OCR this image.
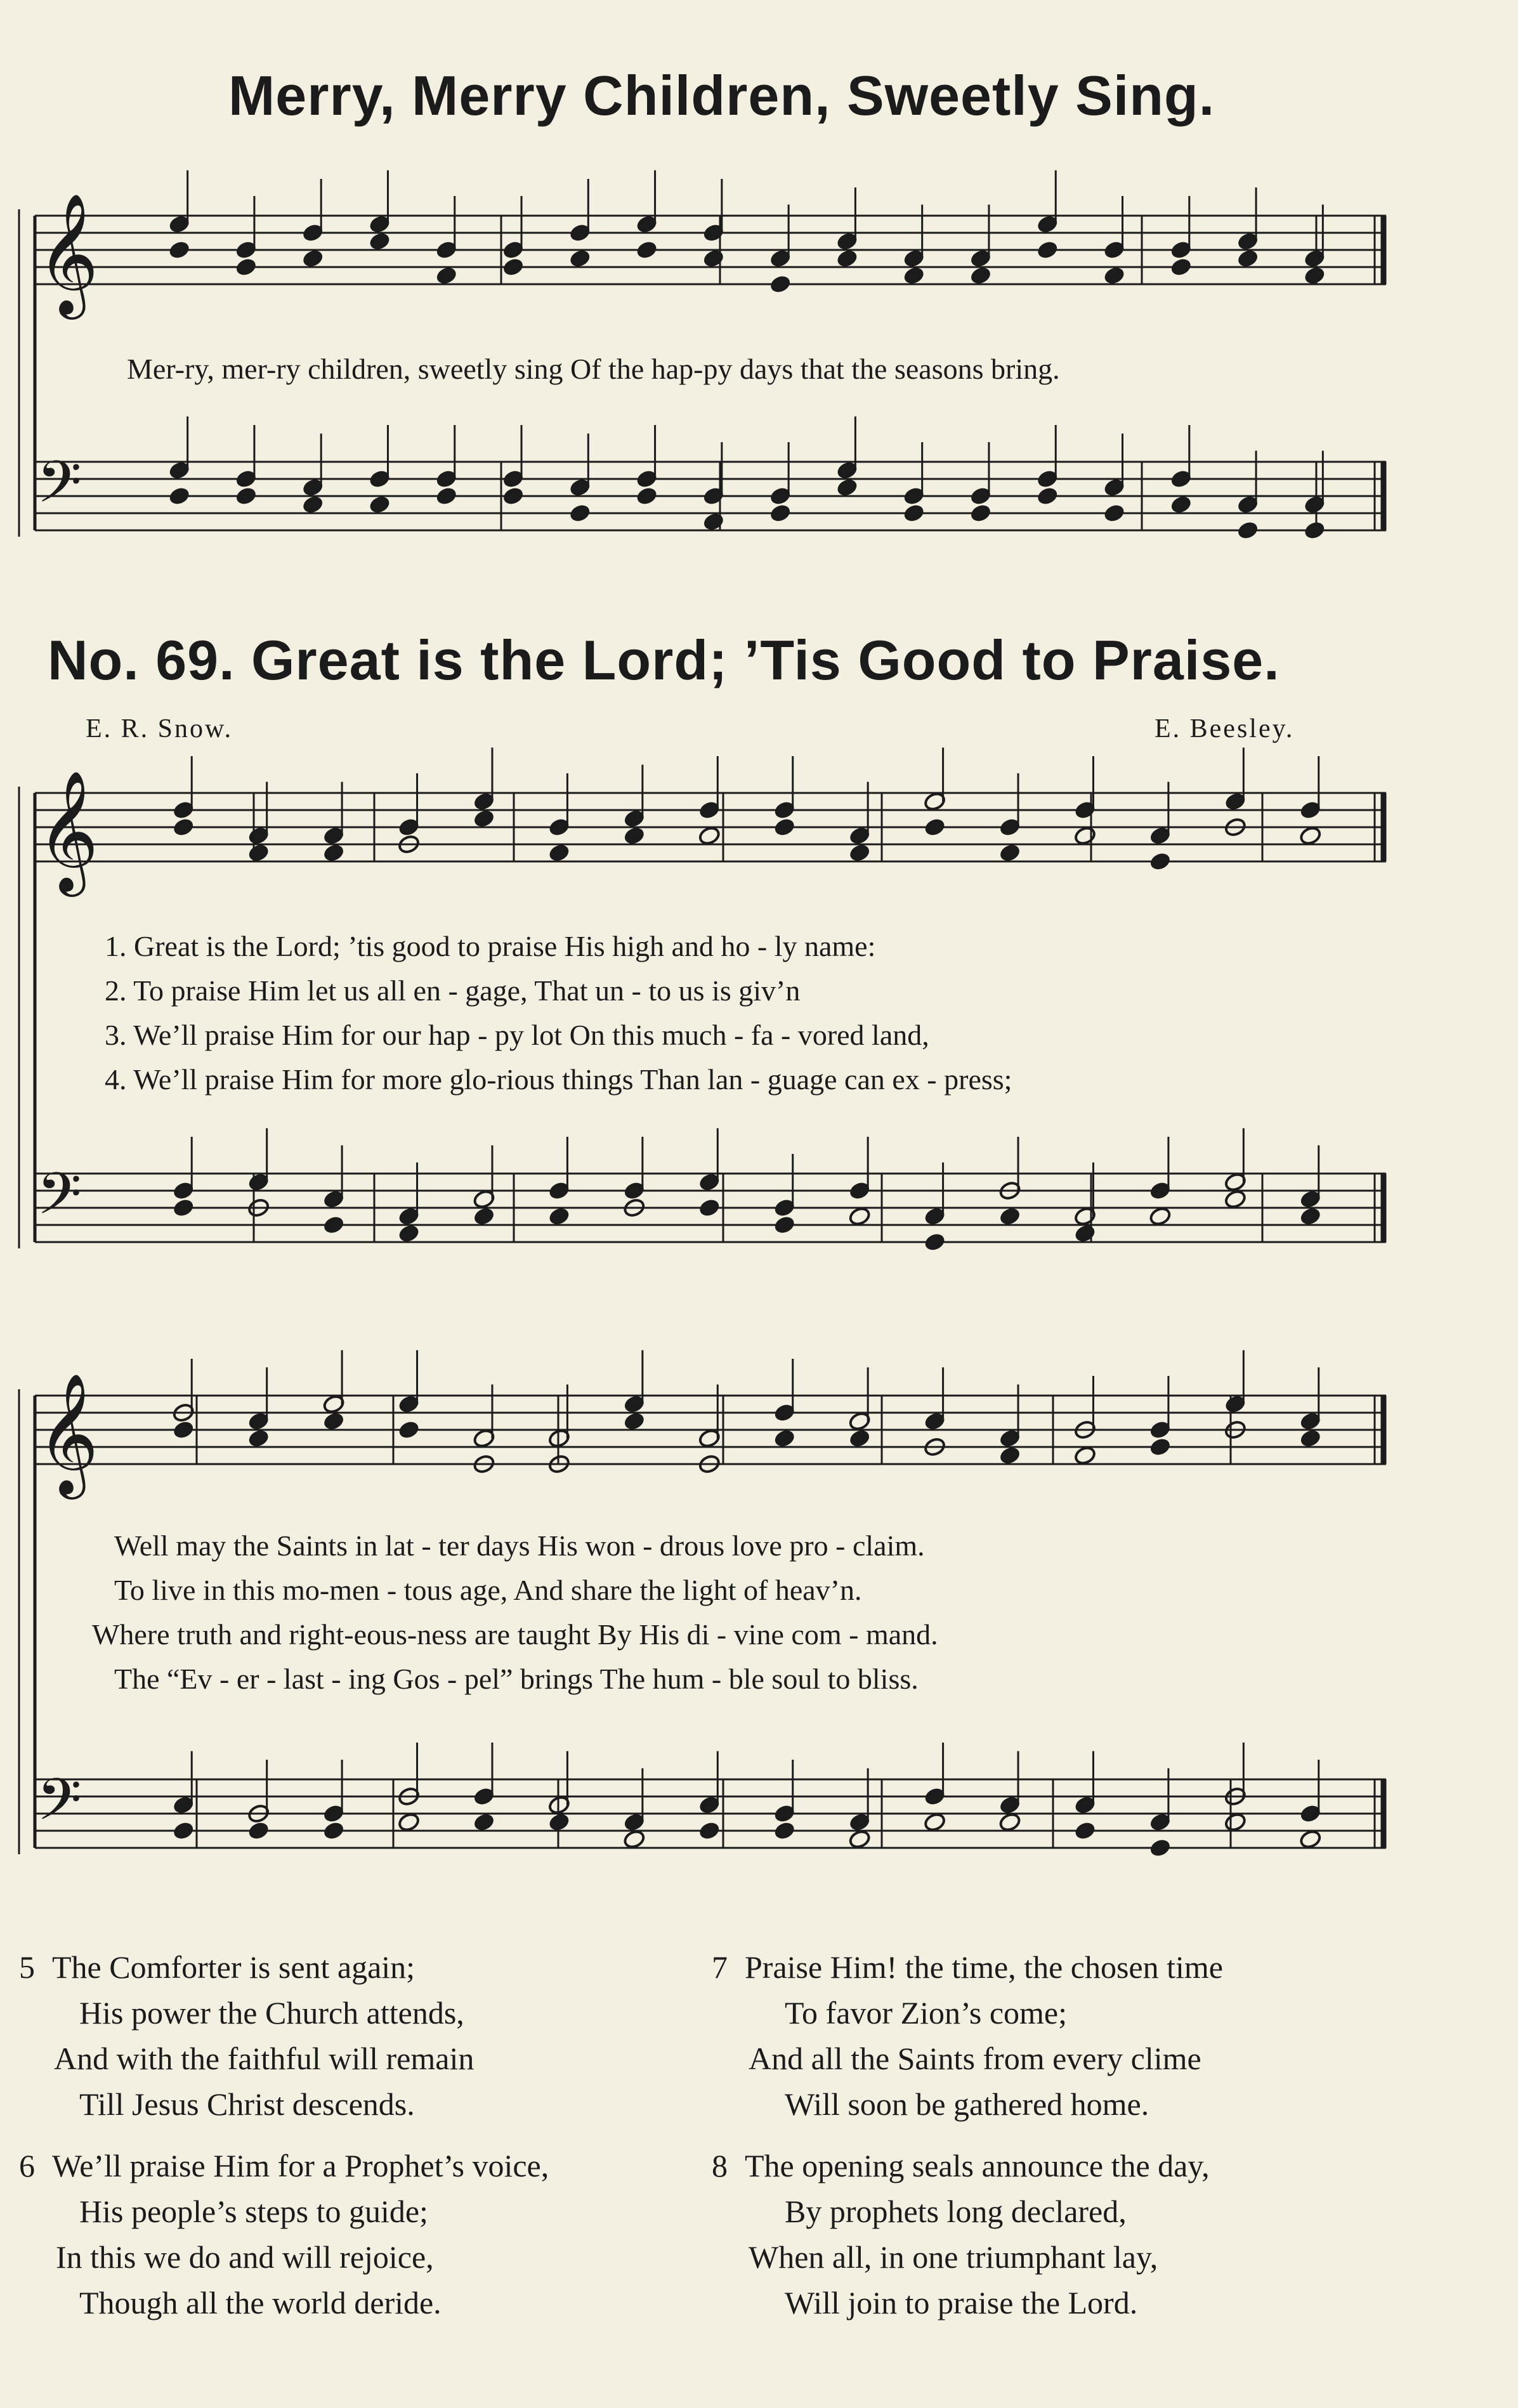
𝄞
𝄢
𝄞
𝄢
𝄞
𝄢
Merry, Merry Children, Sweetly Sing.
Mer-ry, mer-ry children, sweetly sing Of the hap-py days that the seasons bring.
No. 69. Great is the Lord; ’Tis Good to Praise.
E. R. Snow.	E. Beesley.
1. Great is the Lord; ’tis good to praise His high and ho - ly name:
2. To praise Him let us all en - gage, That un - to us is giv’n
3. We’ll praise Him for our hap - py lot On this much - fa - vored land,
4. We’ll praise Him for more glo-rious things Than lan - guage can ex - press;
Well may the Saints in lat - ter days His won - drous love pro - claim.
To live in this mo-men - tous age, And share the light of heav’n.
Where truth and right-eous-ness are taught By His di - vine com - mand.
The “Ev - er - last - ing Gos - pel” brings The hum - ble soul to bliss.
5 The Comforter is sent again;
His power the Church attends,
And with the faithful will remain
Till Jesus Christ descends.
6 We’ll praise Him for a Prophet’s voice,
His people’s steps to guide;
In this we do and will rejoice,
Though all the world deride.
7 Praise Him! the time, the chosen time
To favor Zion’s come;
And all the Saints from every clime
Will soon be gathered home.
8 The opening seals announce the day,
By prophets long declared,
When all, in one triumphant lay,
Will join to praise the Lord.
